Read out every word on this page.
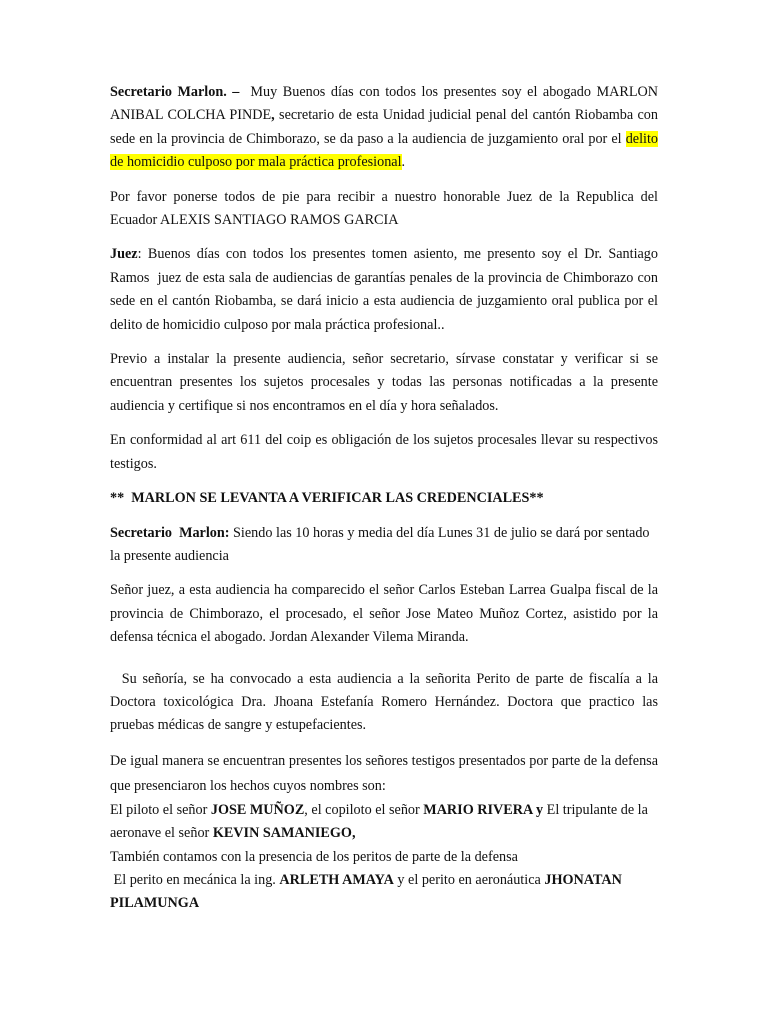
Secretario Marlon. –  Muy Buenos días con todos los presentes soy el abogado MARLON ANIBAL COLCHA PINDE, secretario de esta Unidad judicial penal del cantón Riobamba con sede en la provincia de Chimborazo, se da paso a la audiencia de juzgamiento oral por el delito de homicidio culposo por mala práctica profesional.

Por favor ponerse todos de pie para recibir a nuestro honorable Juez de la Republica del Ecuador ALEXIS SANTIAGO RAMOS GARCIA

Juez: Buenos días con todos los presentes tomen asiento, me presento soy el Dr. Santiago Ramos  juez de esta sala de audiencias de garantías penales de la provincia de Chimborazo con sede en el cantón Riobamba, se dará inicio a esta audiencia de juzgamiento oral publica por el delito de homicidio culposo por mala práctica profesional..

Previo a instalar la presente audiencia, señor secretario, sírvase constatar y verificar si se encuentran presentes los sujetos procesales y todas las personas notificadas a la presente audiencia y certifique si nos encontramos en el día y hora señalados.

En conformidad al art 611 del coip es obligación de los sujetos procesales llevar su respectivos testigos.

**  MARLON SE LEVANTA A VERIFICAR LAS CREDENCIALES**

Secretario  Marlon: Siendo las 10 horas y media del día Lunes 31 de julio se dará por sentado la presente audiencia

Señor juez, a esta audiencia ha comparecido el señor Carlos Esteban Larrea Gualpa fiscal de la provincia de Chimborazo, el procesado, el señor Jose Mateo Muñoz Cortez, asistido por la defensa técnica el abogado. Jordan Alexander Vilema Miranda.

Su señoría, se ha convocado a esta audiencia a la señorita Perito de parte de fiscalía a la Doctora toxicológica Dra. Jhoana Estefanía Romero Hernández. Doctora que practico las pruebas médicas de sangre y estupefacientes.

De igual manera se encuentran presentes los señores testigos presentados por parte de la defensa que presenciaron los hechos cuyos nombres son:

El piloto el señor JOSE MUÑOZ, el copiloto el señor MARIO RIVERA y El tripulante de la aeronave el señor KEVIN SAMANIEGO,

También contamos con la presencia de los peritos de parte de la defensa

El perito en mecánica la ing. ARLETH AMAYA y el perito en aeronáutica JHONATAN PILAMUNGA
